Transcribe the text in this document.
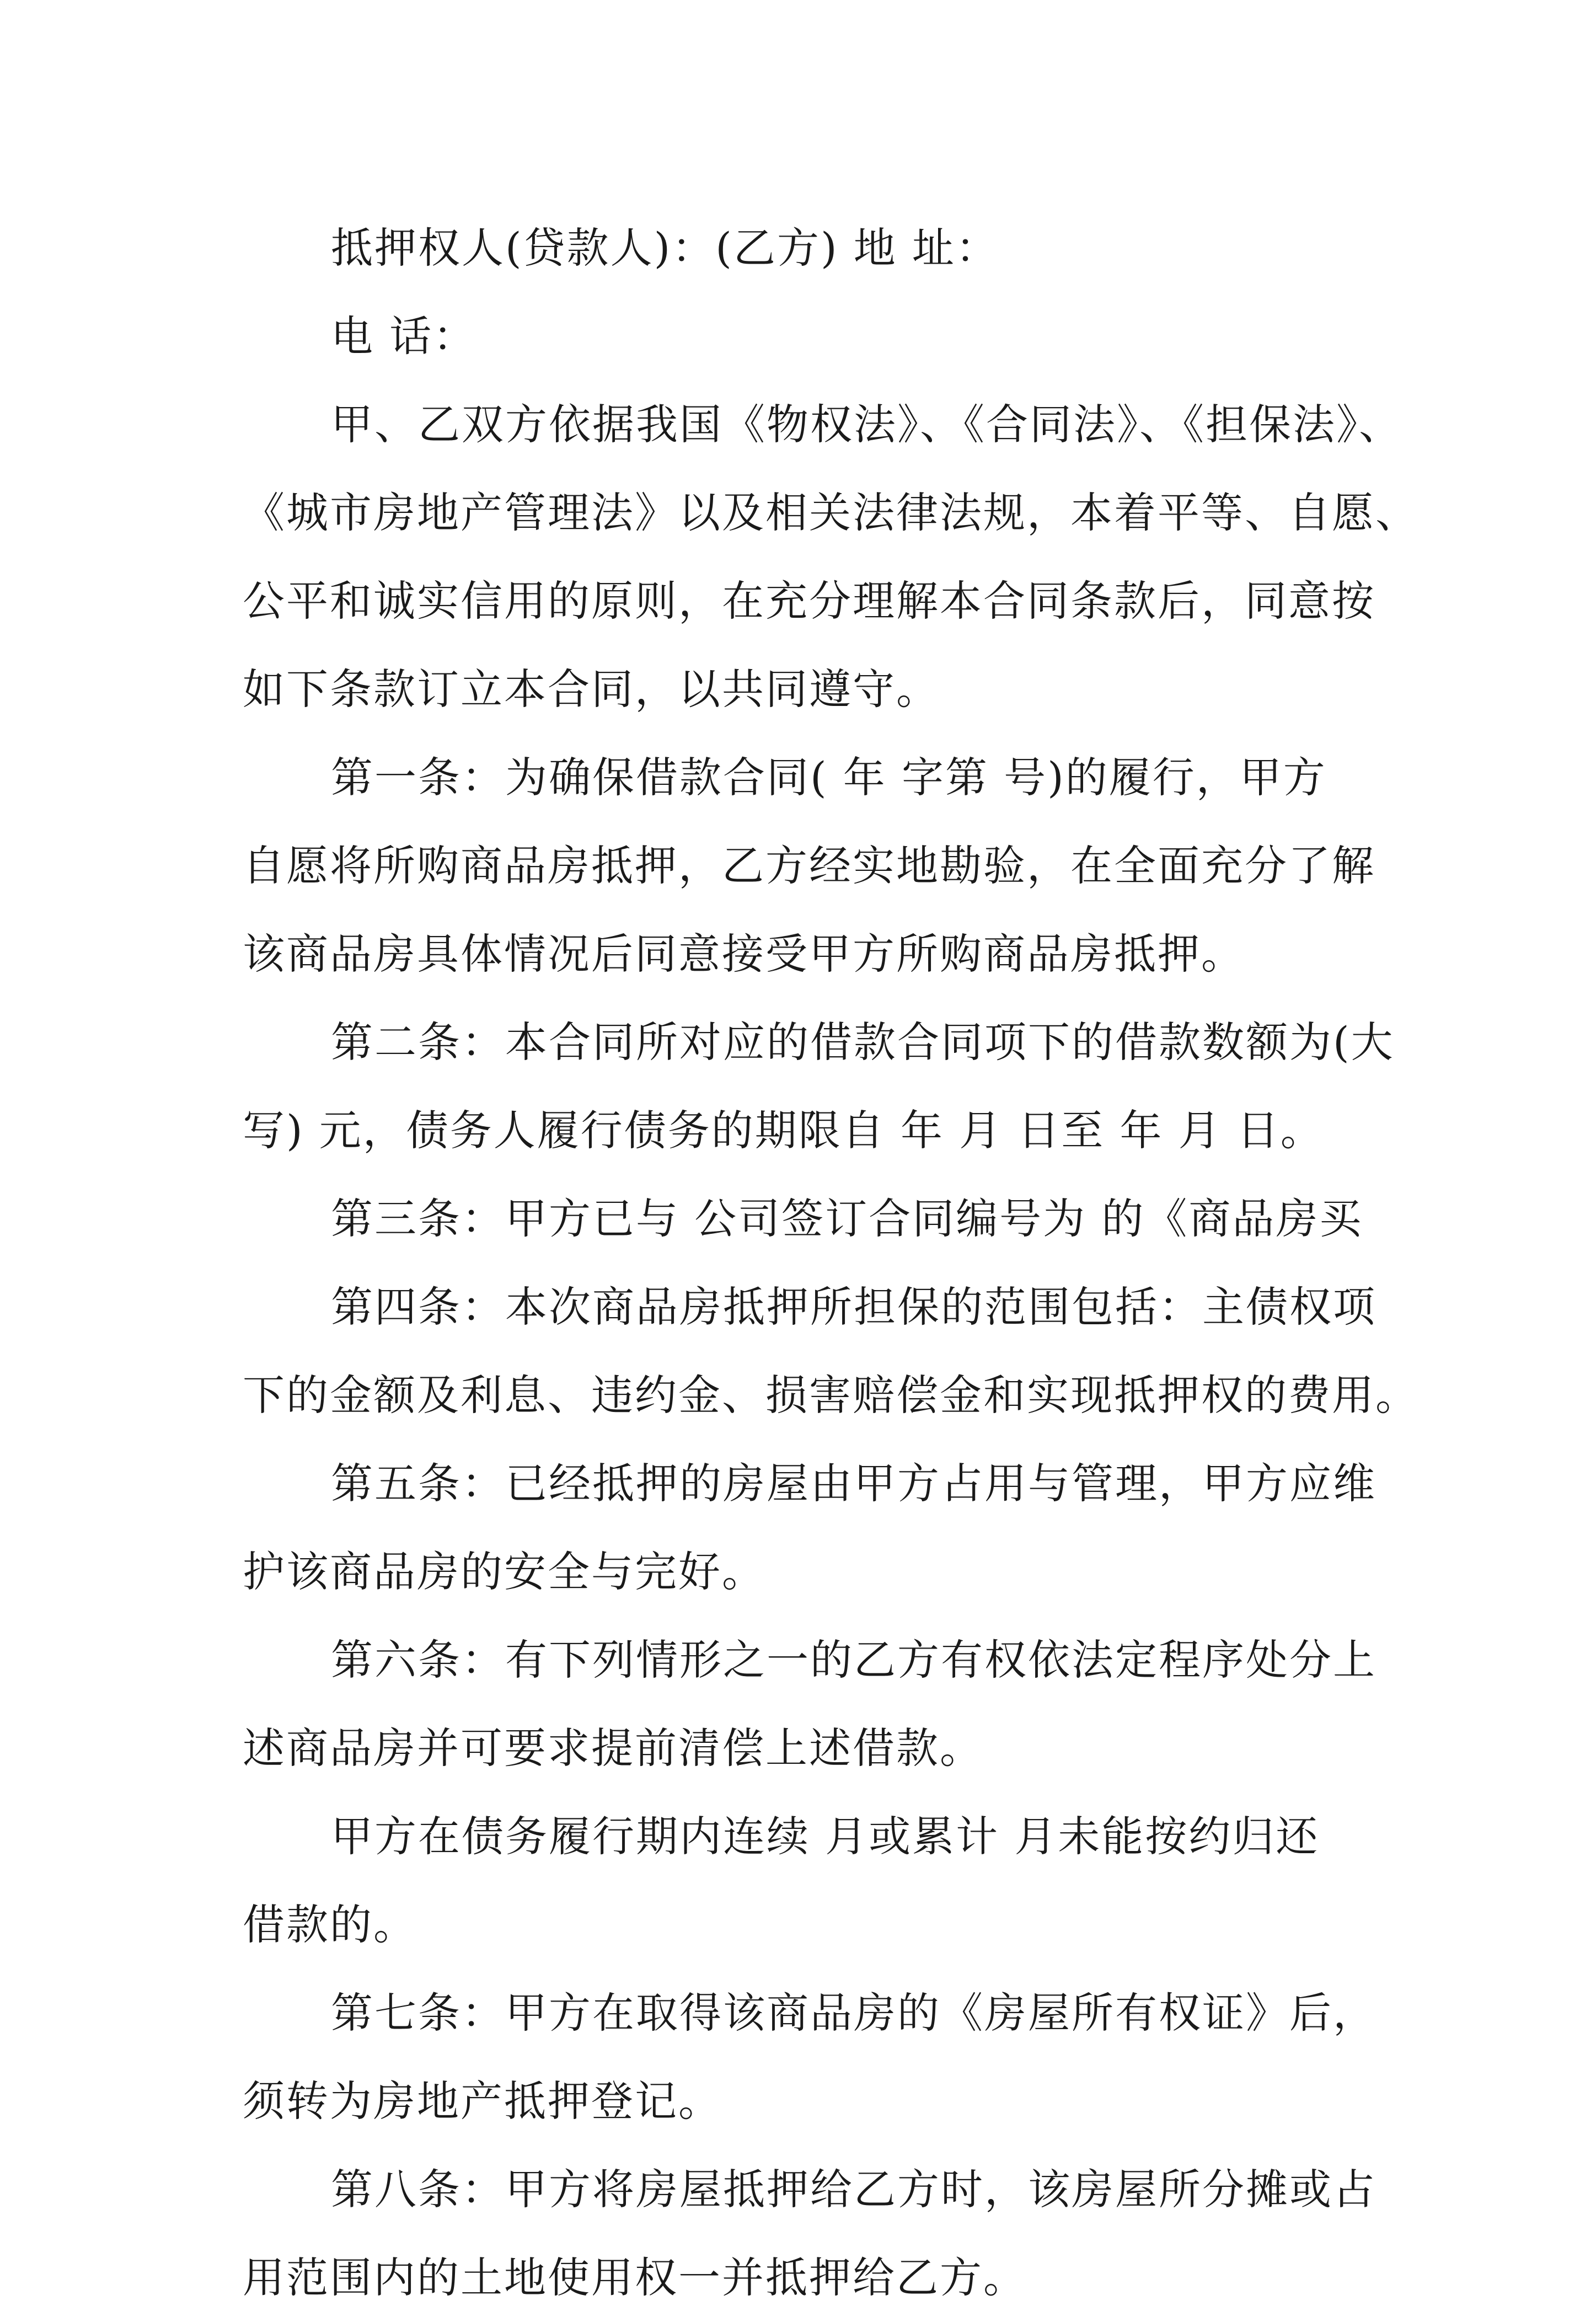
抵押权人(贷款人)：(乙方) 地 址：
电 话：
甲、乙双方依据我国《物权法》、《合同法》、《担保法》、
《城市房地产管理法》以及相关法律法规，本着平等、自愿、
公平和诚实信用的原则，在充分理解本合同条款后，同意按
如下条款订立本合同，以共同遵守。
第一条：为确保借款合同( 年 字第 号)的履行，甲方
自愿将所购商品房抵押，乙方经实地勘验，在全面充分了解
该商品房具体情况后同意接受甲方所购商品房抵押。
第二条：本合同所对应的借款合同项下的借款数额为(大
写) 元，债务人履行债务的期限自 年 月 日至 年 月 日。
第三条：甲方已与 公司签订合同编号为 的《商品房买
第四条：本次商品房抵押所担保的范围包括：主债权项
下的金额及利息、违约金、损害赔偿金和实现抵押权的费用。
第五条：已经抵押的房屋由甲方占用与管理，甲方应维
护该商品房的安全与完好。
第六条：有下列情形之一的乙方有权依法定程序处分上
述商品房并可要求提前清偿上述借款。
甲方在债务履行期内连续 月或累计 月未能按约归还
借款的。
第七条：甲方在取得该商品房的《房屋所有权证》后，
须转为房地产抵押登记。
第八条：甲方将房屋抵押给乙方时，该房屋所分摊或占
用范围内的土地使用权一并抵押给乙方。
